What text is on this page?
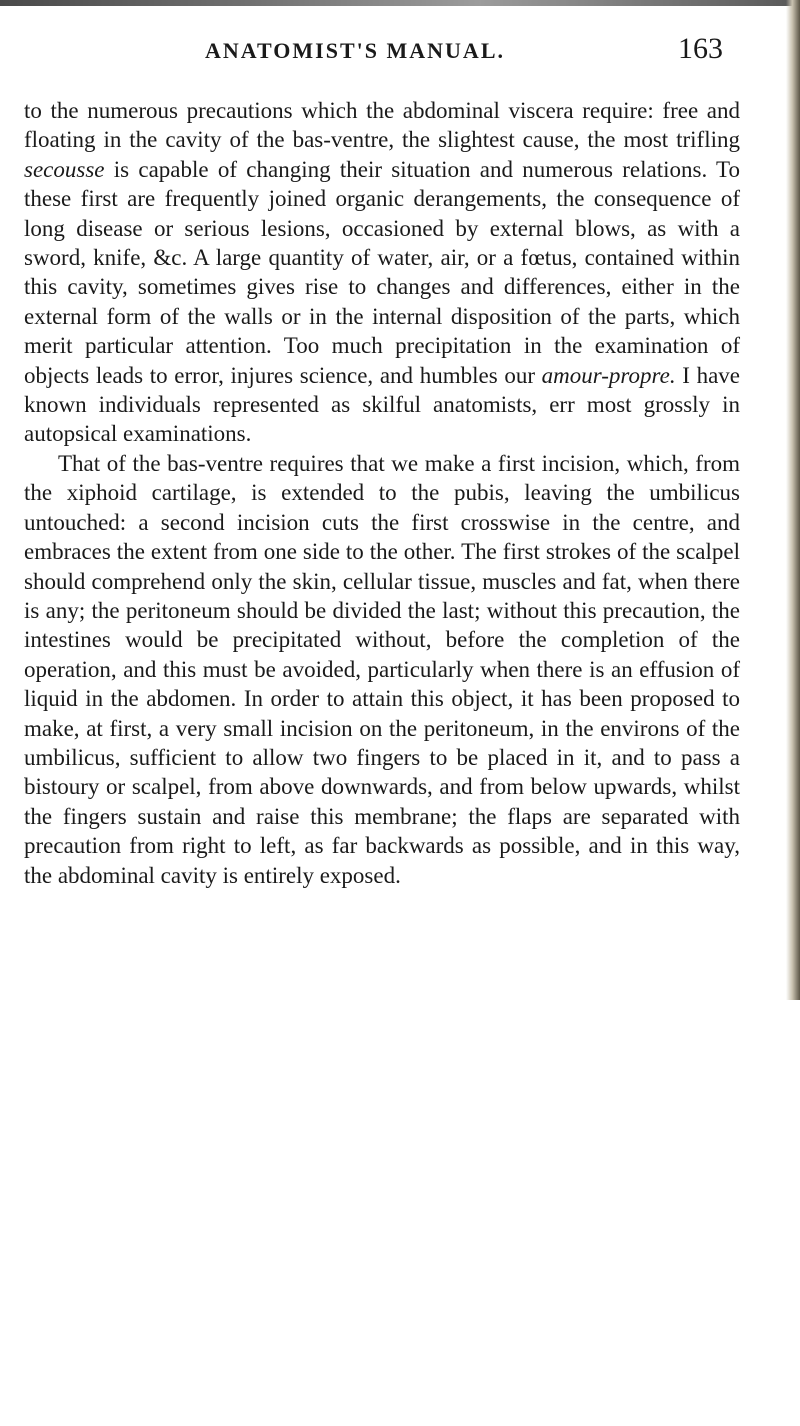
ANATOMIST'S MANUAL.	163

to the numerous precautions which the abdominal viscera require: free and floating in the cavity of the bas-ventre, the slightest cause, the most trifling secousse is capable of changing their situation and numerous relations. To these first are frequently joined organic derangements, the consequence of long disease or serious lesions, occasioned by external blows, as with a sword, knife, &c. A large quantity of water, air, or a fœtus, contained within this cavity, sometimes gives rise to changes and differences, either in the external form of the walls or in the internal disposition of the parts, which merit particular attention. Too much precipitation in the examination of objects leads to error, injures science, and humbles our amour-propre. I have known individuals represented as skilful anatomists, err most grossly in autopsical examinations.

That of the bas-ventre requires that we make a first incision, which, from the xiphoid cartilage, is extended to the pubis, leaving the umbilicus untouched: a second incision cuts the first crosswise in the centre, and embraces the extent from one side to the other. The first strokes of the scalpel should comprehend only the skin, cellular tissue, muscles and fat, when there is any; the peritoneum should be divided the last; without this precaution, the intestines would be precipitated without, before the completion of the operation, and this must be avoided, particularly when there is an effusion of liquid in the abdomen. In order to attain this object, it has been proposed to make, at first, a very small incision on the peritoneum, in the environs of the umbilicus, sufficient to allow two fingers to be placed in it, and to pass a bistoury or scalpel, from above downwards, and from below upwards, whilst the fingers sustain and raise this membrane; the flaps are separated with precaution from right to left, as far backwards as possible, and in this way, the abdominal cavity is entirely exposed.
